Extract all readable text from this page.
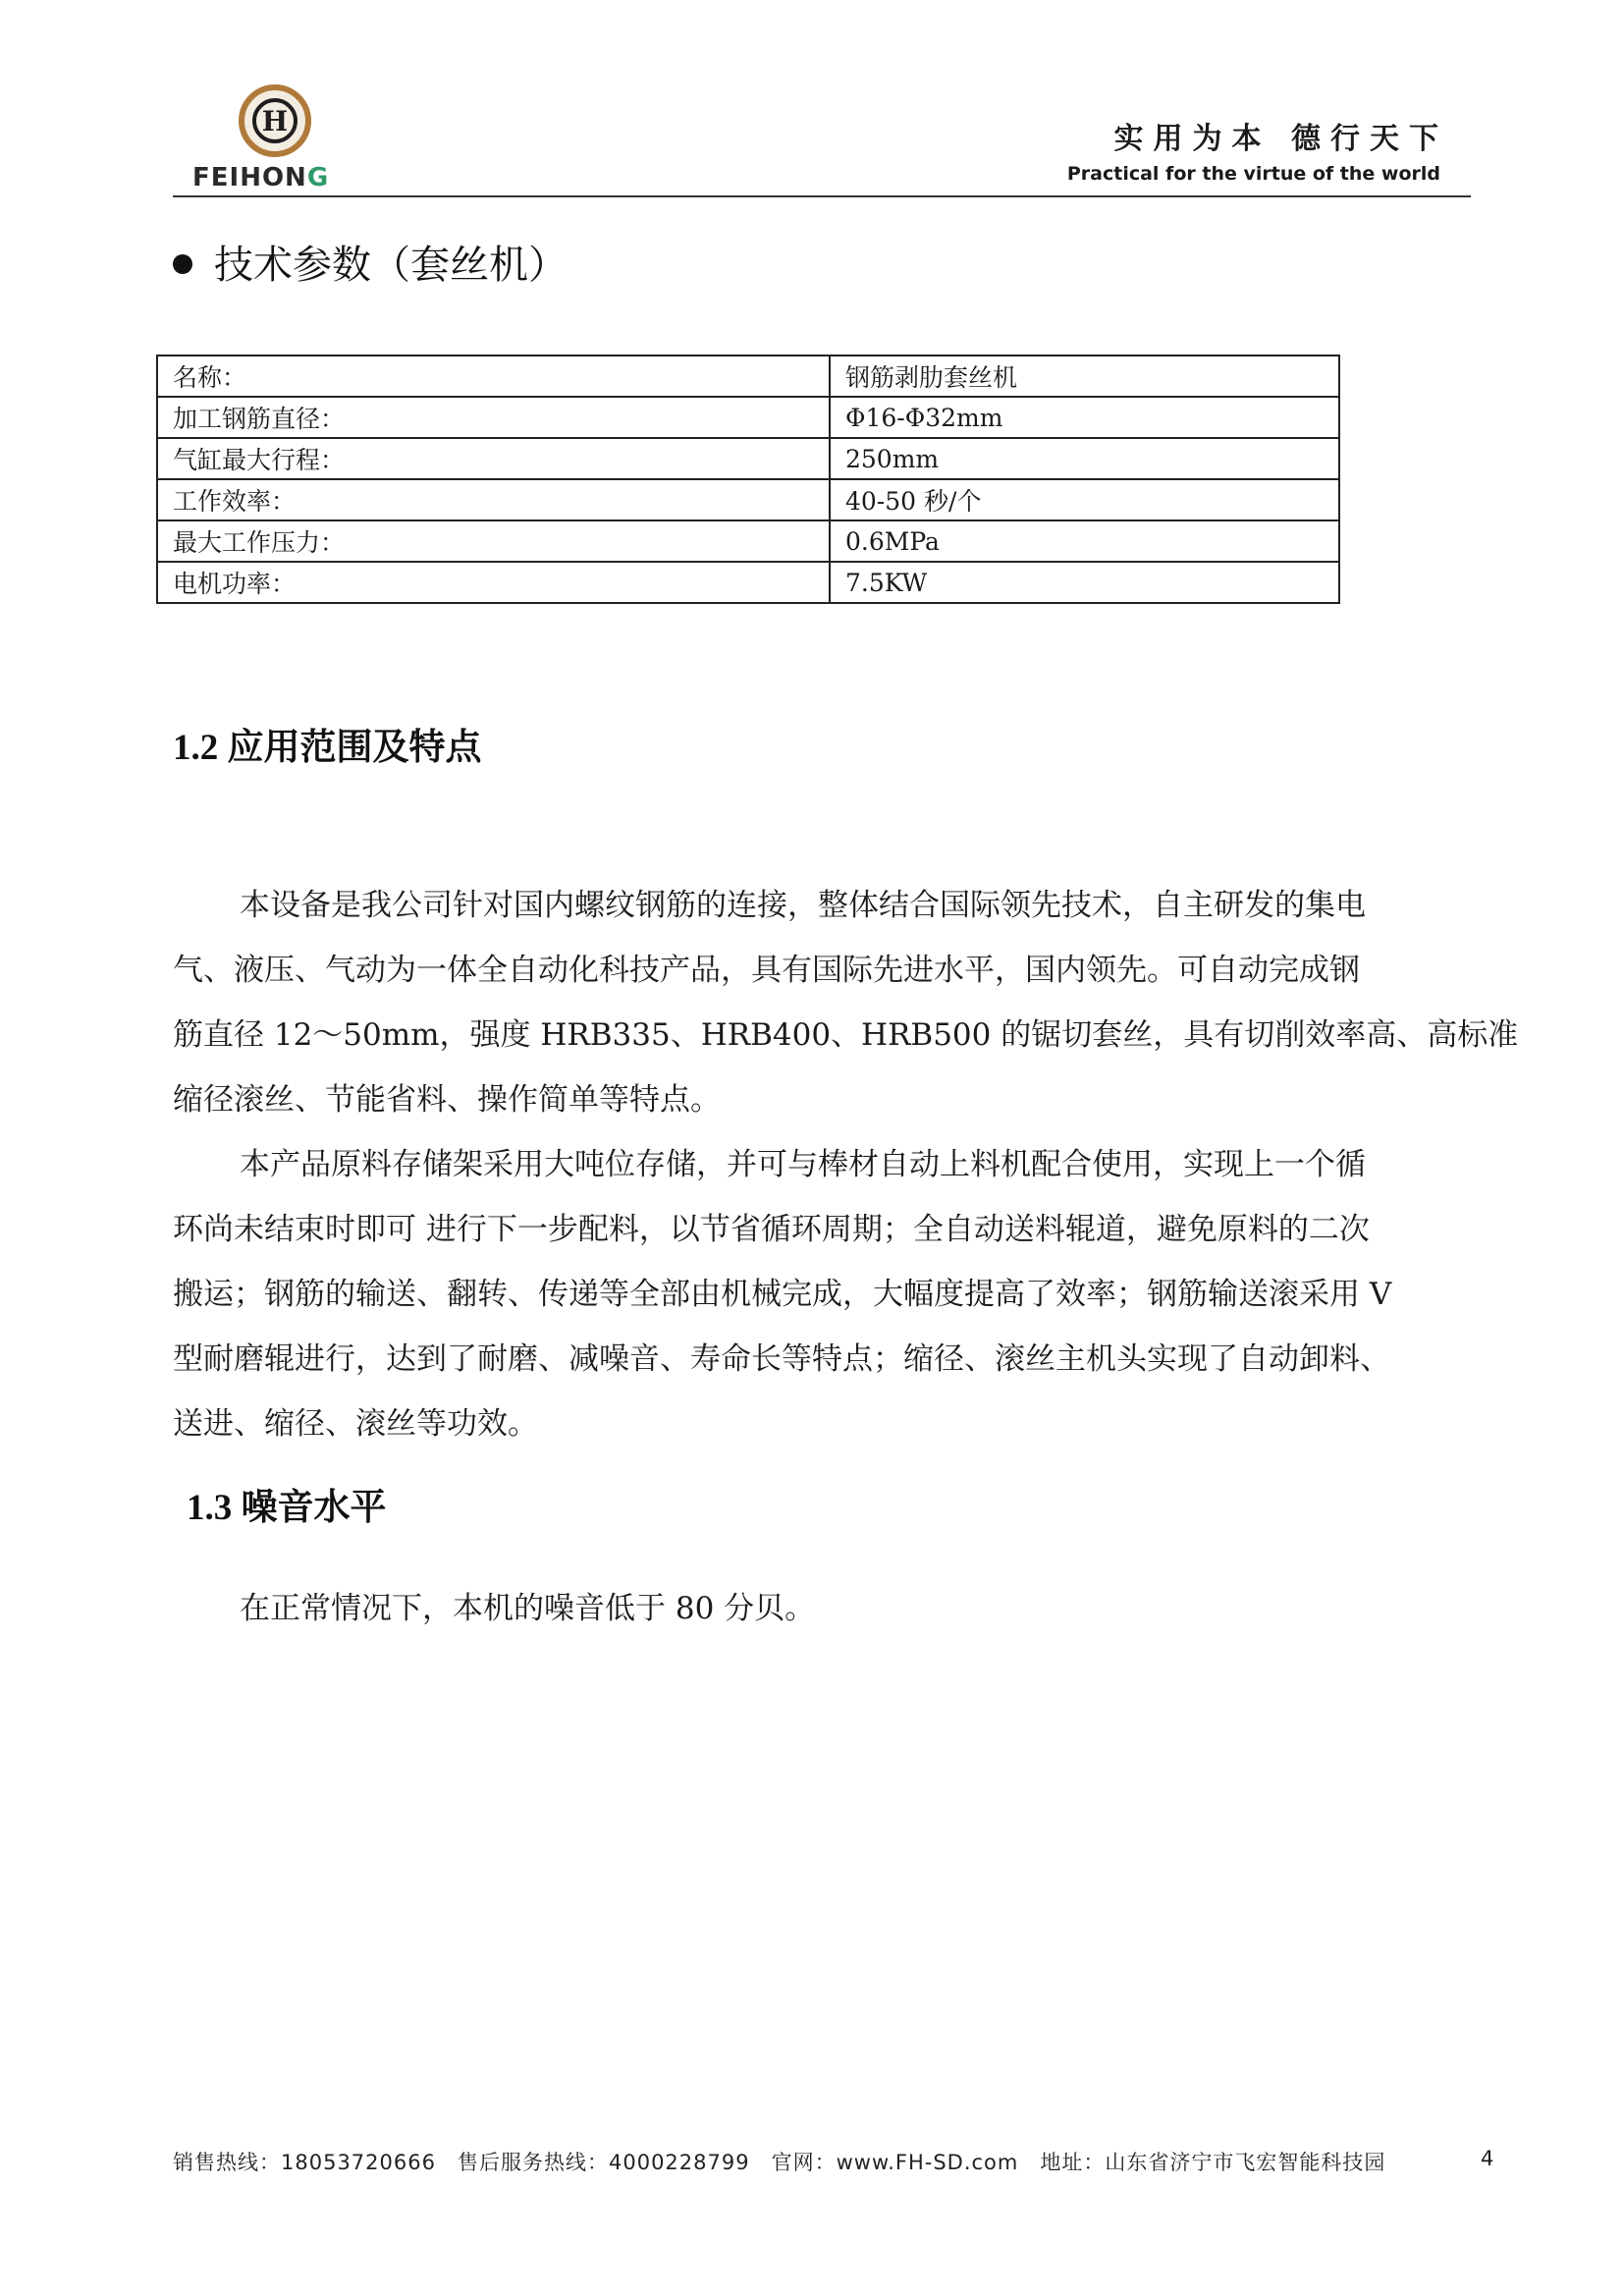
H
FEIHONG
实用为本 德行天下
Practical for the virtue of the world
技术参数（套丝机）
名称：	钢筋剥肋套丝机
加工钢筋直径：	Φ16-Φ32mm
气缸最大行程：	250mm
工作效率：	40-50 秒/个
最大工作压力：	0.6MPa
电机功率：	7.5KW
1.2 应用范围及特点
本设备是我公司针对国内螺纹钢筋的连接，整体结合国际领先技术，自主研发的集电
气、液压、气动为一体全自动化科技产品，具有国际先进水平，国内领先。可自动完成钢
筋直径 12～50mm，强度 HRB335、HRB400、HRB500 的锯切套丝，具有切削效率高、高标准
缩径滚丝、节能省料、操作简单等特点。
本产品原料存储架采用大吨位存储，并可与棒材自动上料机配合使用，实现上一个循
环尚未结束时即可 进行下一步配料，以节省循环周期；全自动送料辊道，避免原料的二次
搬运；钢筋的输送、翻转、传递等全部由机械完成，大幅度提高了效率；钢筋输送滚采用 V
型耐磨辊进行，达到了耐磨、减噪音、寿命长等特点；缩径、滚丝主机头实现了自动卸料、
送进、缩径、滚丝等功效。
1.3 噪音水平
在正常情况下，本机的噪音低于 80 分贝。
销售热线：18053720666 售后服务热线：4000228799 官网：www.FH-SD.com 地址：山东省济宁市飞宏智能科技园	4
